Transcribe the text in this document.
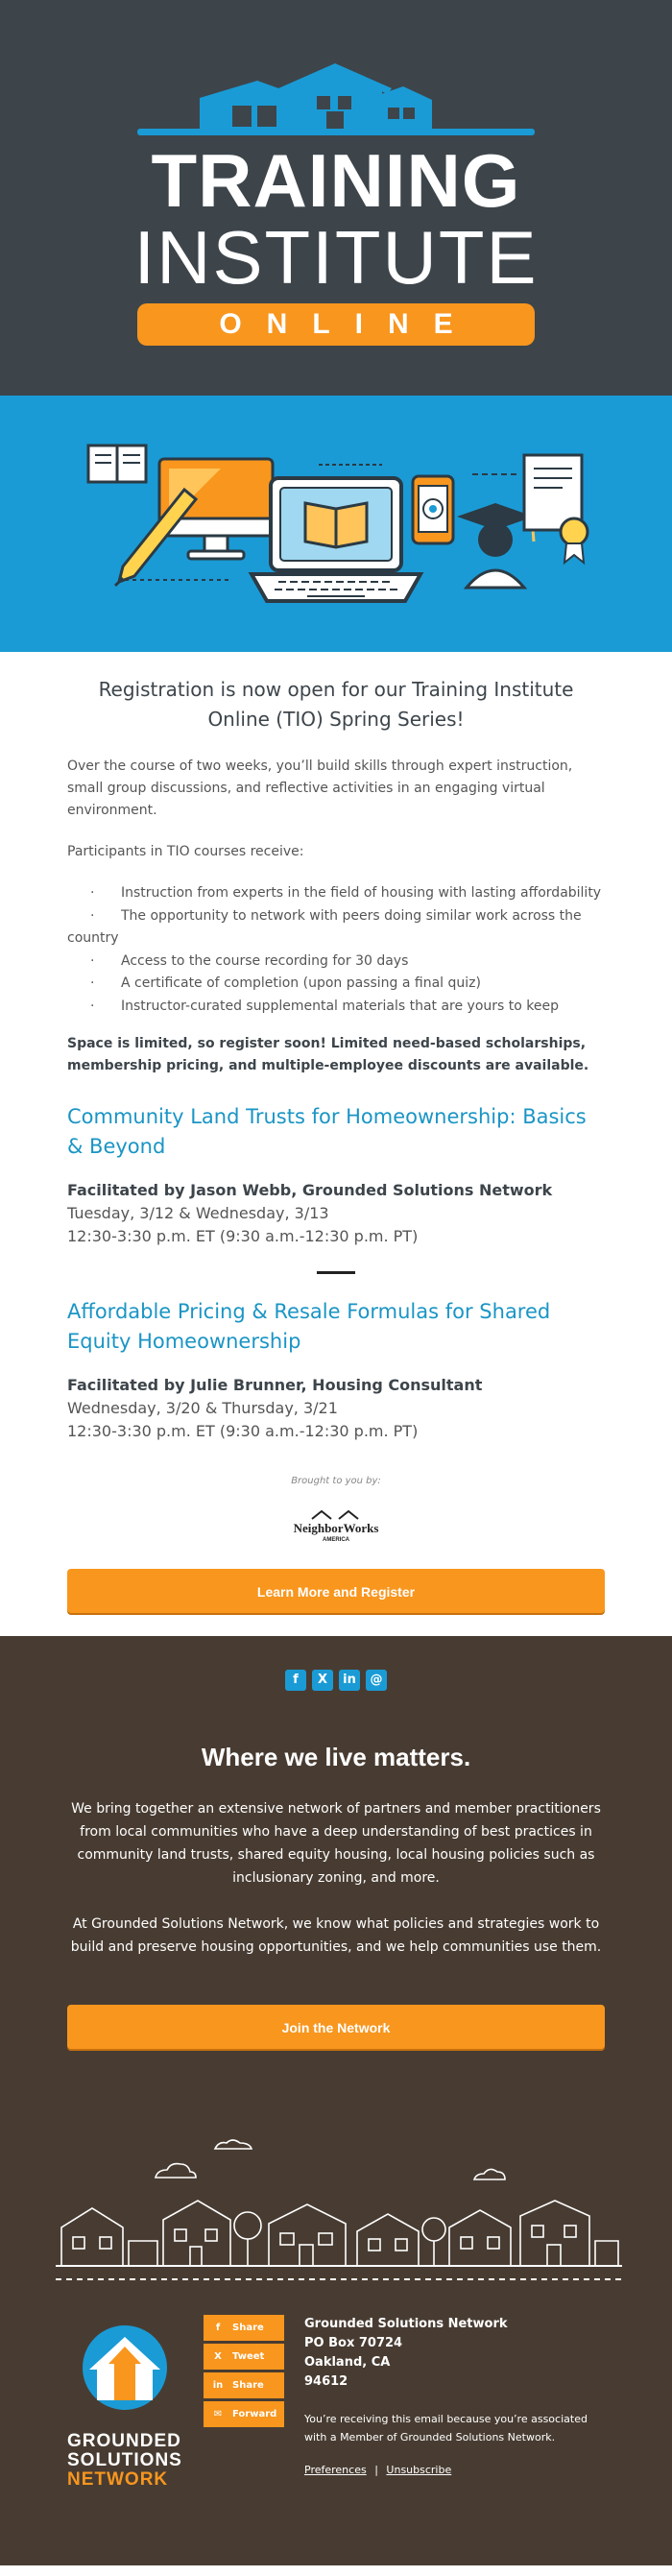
TRAINING
INSTITUTE
ONLINE
Registration is now open for our Training Institute Online (TIO) Spring Series!

Over the course of two weeks, you’ll build skills through expert instruction, small group discussions, and reflective activities in an engaging virtual environment.

Participants in TIO courses receive:

· Instruction from experts in the field of housing with lasting affordability
· The opportunity to network with peers doing similar work across the country
· Access to the course recording for 30 days
· A certificate of completion (upon passing a final quiz)
· Instructor-curated supplemental materials that are yours to keep

Space is limited, so register soon! Limited need-based scholarships, membership pricing, and multiple-employee discounts are available.

Community Land Trusts for Homeownership: Basics & Beyond
Facilitated by Jason Webb, Grounded Solutions Network
Tuesday, 3/12 & Wednesday, 3/13
12:30-3:30 p.m. ET (9:30 a.m.-12:30 p.m. PT)
Affordable Pricing & Resale Formulas for Shared Equity Homeownership
Facilitated by Julie Brunner, Housing Consultant
Wednesday, 3/20 & Thursday, 3/21
12:30-3:30 p.m. ET (9:30 a.m.-12:30 p.m. PT)
Brought to you by:
NeighborWorks
AMERICA
Learn More and Register
f X in @
Where we live matters.

We bring together an extensive network of partners and member practitioners from local communities who have a deep understanding of best practices in community land trusts, shared equity housing, local housing policies such as inclusionary zoning, and more.

At Grounded Solutions Network, we know what policies and strategies work to build and preserve housing opportunities, and we help communities use them.

Join the Network
GROUNDED
SOLUTIONS
NETWORK
f Share
X Tweet
in Share
✉ Forward
Grounded Solutions Network
PO Box 70724
Oakland, CA
94612
You’re receiving this email because you’re associated with a Member of Grounded Solutions Network.
Preferences | Unsubscribe
